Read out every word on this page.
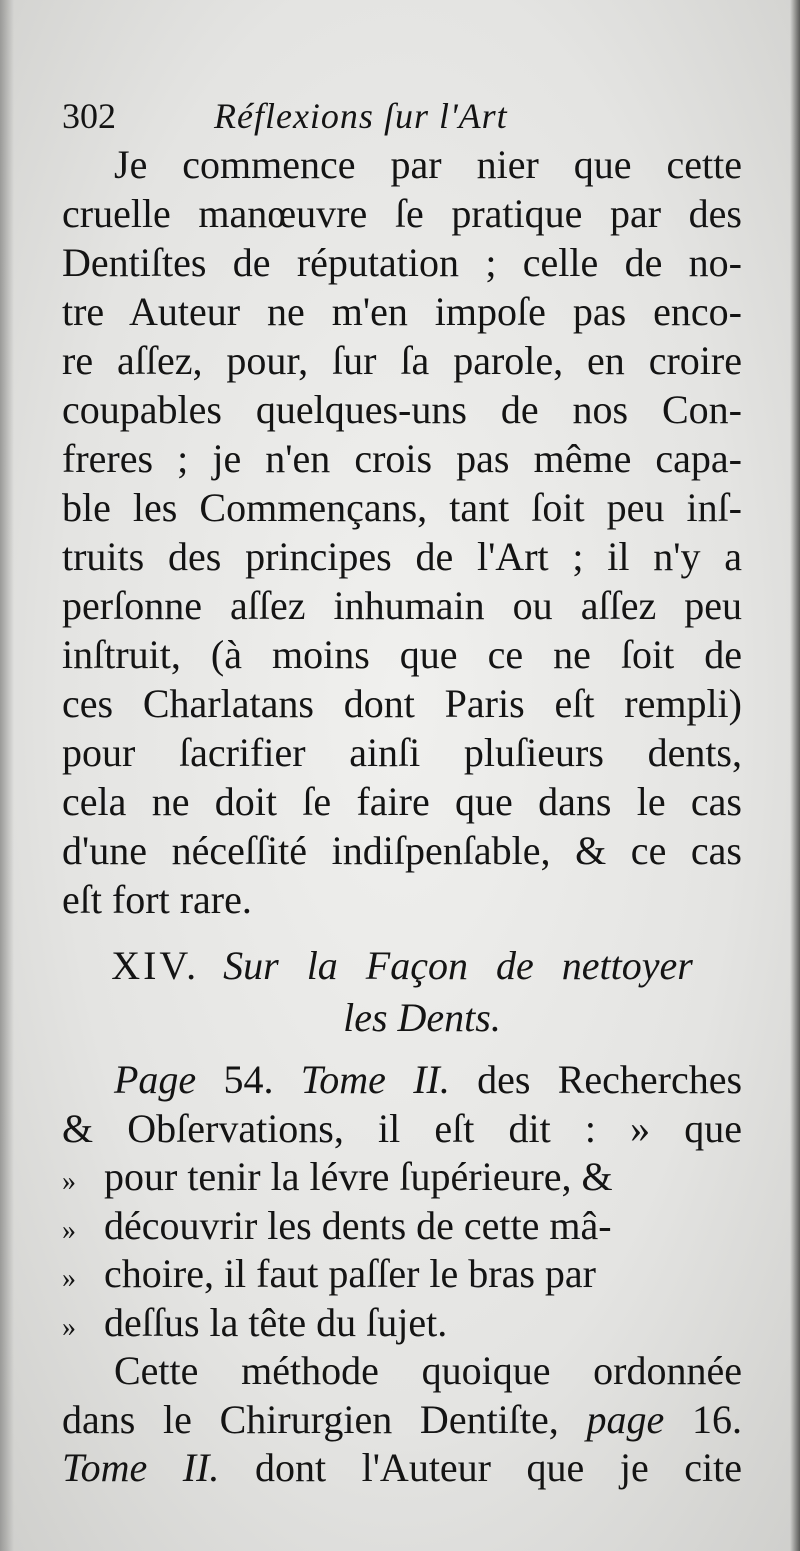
302	Réflexions ſur l'Art
Je commence par nier que cette
cruelle manœuvre ſe pratique par des
Dentiſtes de réputation ; celle de no-
tre Auteur ne m'en impoſe pas enco-
re aſſez, pour, ſur ſa parole, en croire
coupables quelques-uns de nos Con-
freres ; je n'en crois pas même capa-
ble les Commençans, tant ſoit peu inſ-
truits des principes de l'Art ; il n'y a
perſonne aſſez inhumain ou aſſez peu
inſtruit, (à moins que ce ne ſoit de
ces Charlatans dont Paris eſt rempli)
pour ſacrifier ainſi pluſieurs dents,
cela ne doit ſe faire que dans le cas
d'une néceſſité indiſpenſable, & ce cas
eſt fort rare.
XIV. Sur la Façon de nettoyer
les Dents.
Page 54. Tome II. des Recherches
& Obſervations, il eſt dit : » que
» pour tenir la lévre ſupérieure, &
» découvrir les dents de cette mâ-
» choire, il faut paſſer le bras par
» deſſus la tête du ſujet.
Cette méthode quoique ordonnée
dans le Chirurgien Dentiſte, page 16.
Tome II. dont l'Auteur que je cite
